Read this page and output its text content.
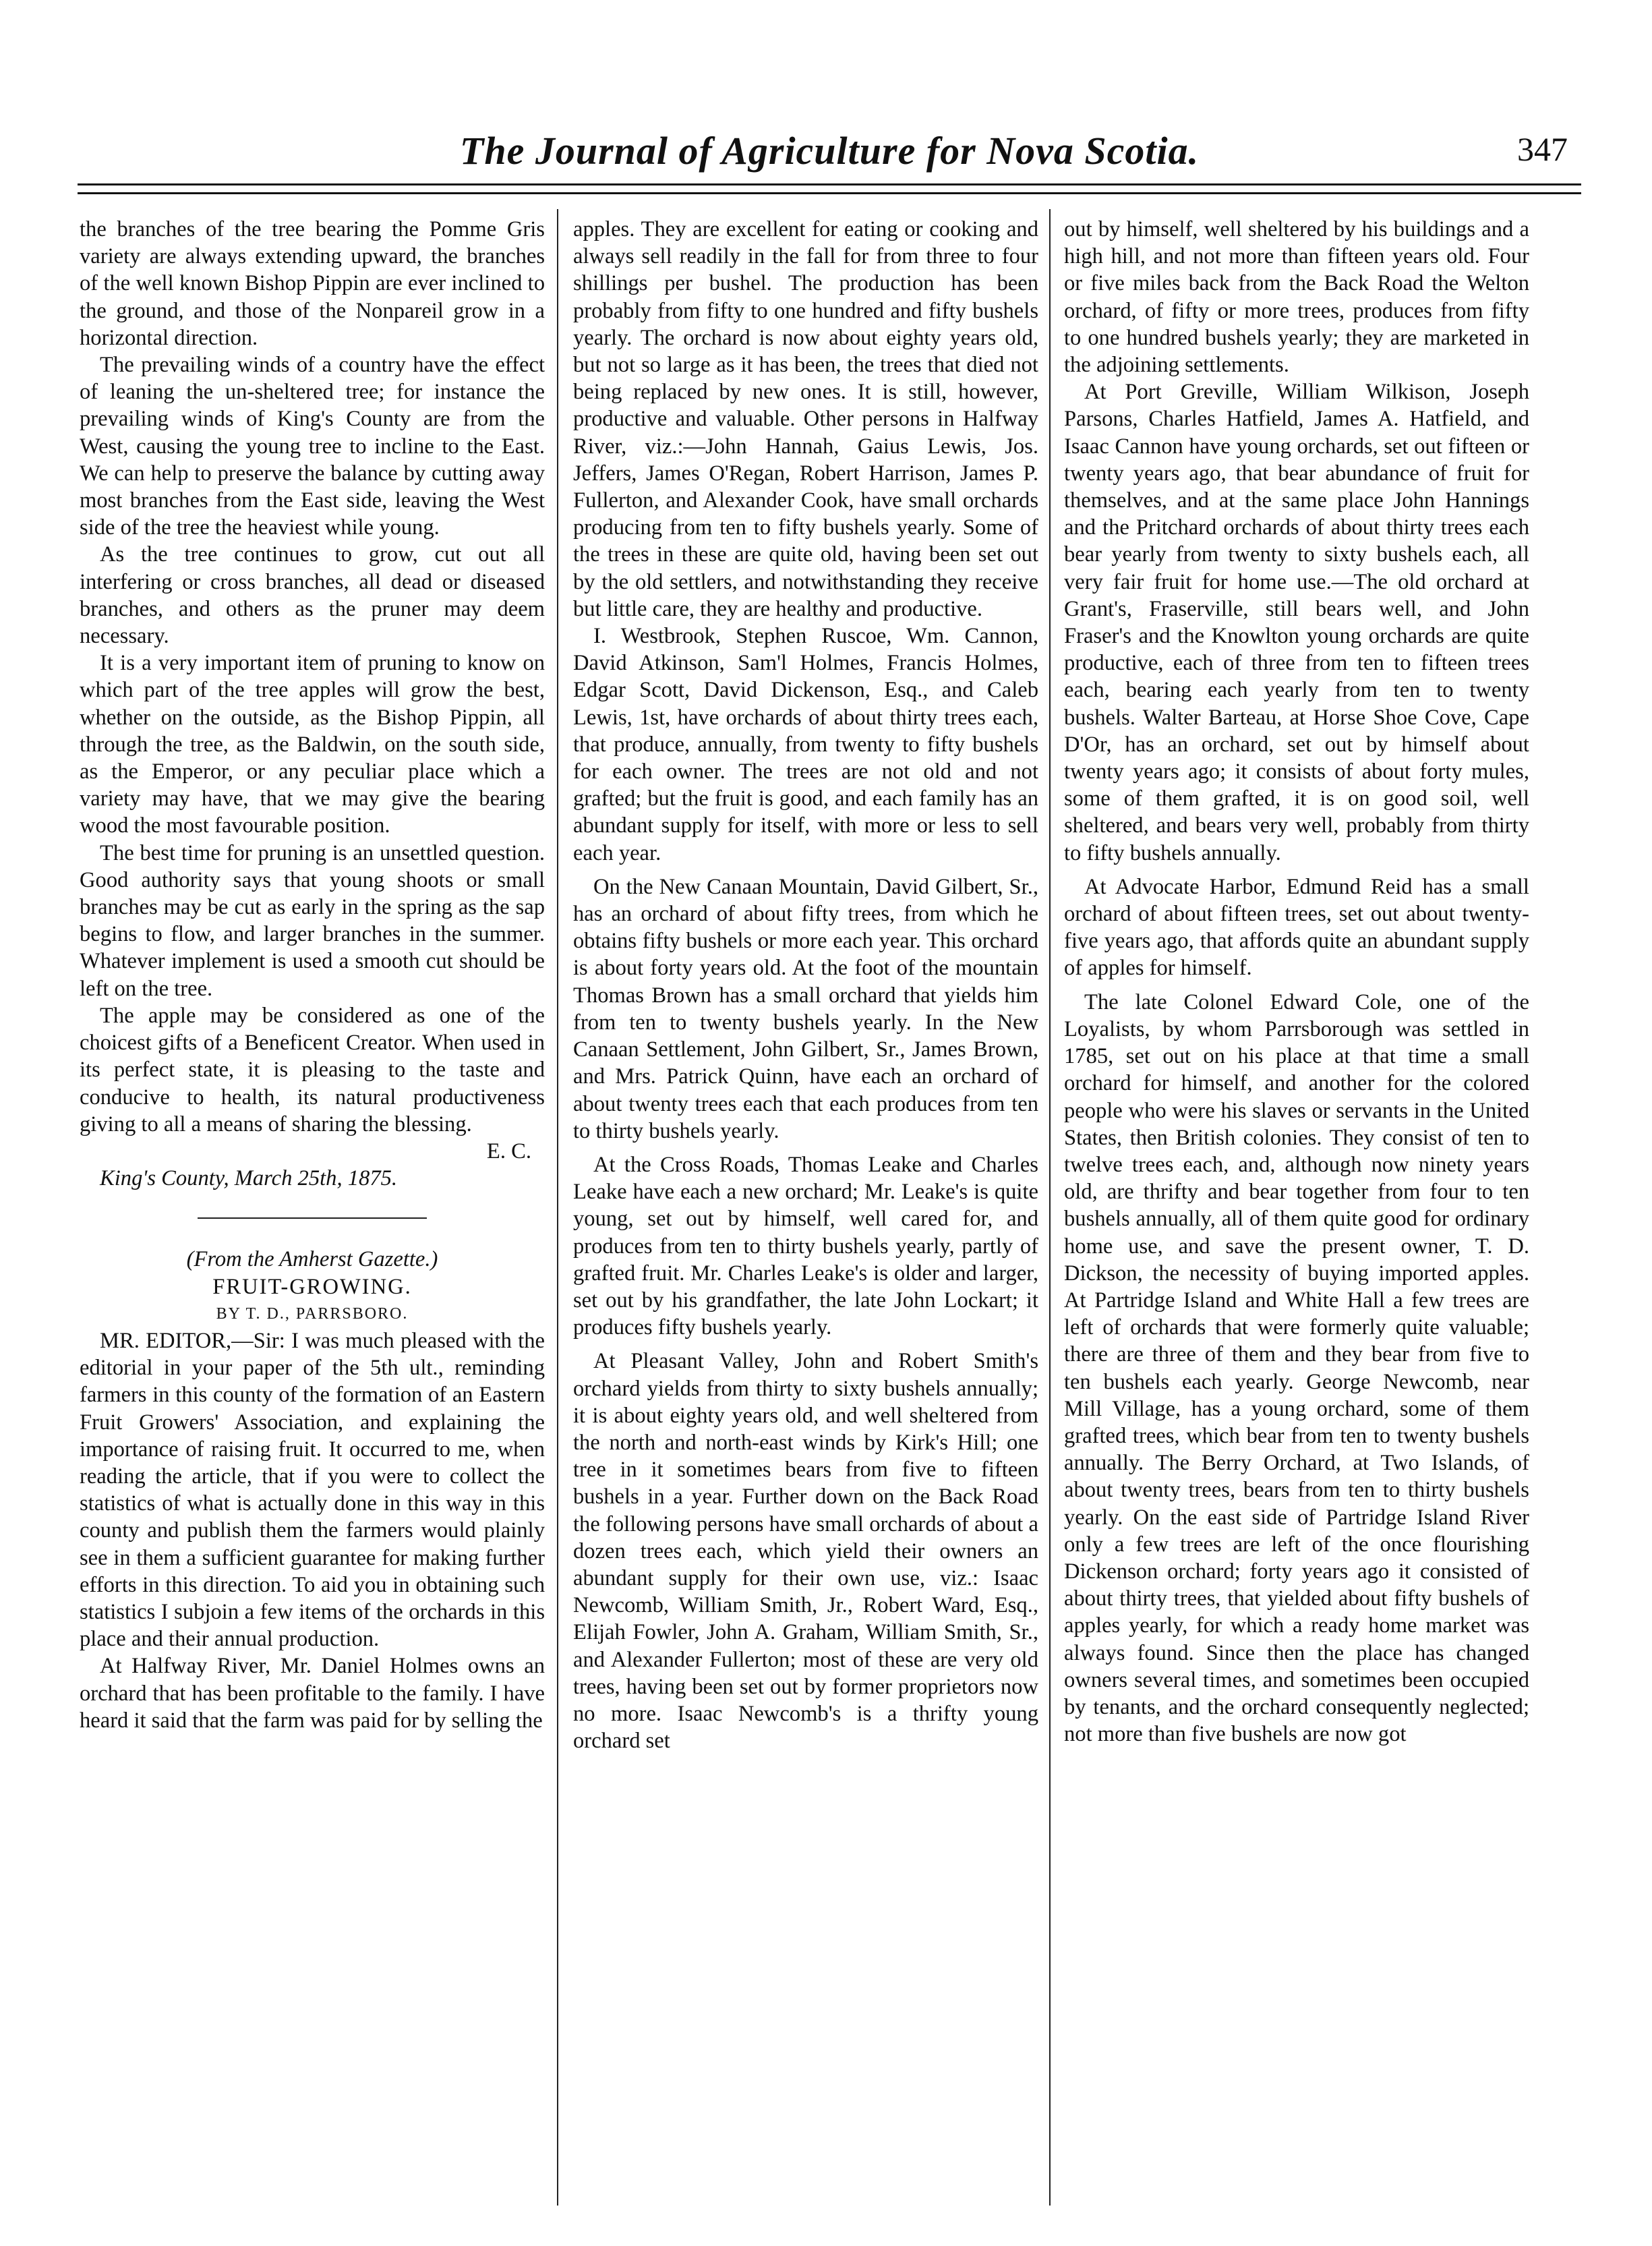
The Journal of Agriculture for Nova Scotia.	347

the branches of the tree bearing the Pomme Gris variety are always extending upward, the branches of the well known Bishop Pippin are ever inclined to the ground, and those of the Nonpareil grow in a horizontal direction.

The prevailing winds of a country have the effect of leaning the un-sheltered tree; for instance the prevailing winds of King's County are from the West, causing the young tree to incline to the East. We can help to preserve the balance by cutting away most branches from the East side, leaving the West side of the tree the heaviest while young.

As the tree continues to grow, cut out all interfering or cross branches, all dead or diseased branches, and others as the pruner may deem necessary.

It is a very important item of pruning to know on which part of the tree apples will grow the best, whether on the outside, as the Bishop Pippin, all through the tree, as the Baldwin, on the south side, as the Emperor, or any peculiar place which a variety may have, that we may give the bearing wood the most favourable position.

The best time for pruning is an unsettled question. Good authority says that young shoots or small branches may be cut as early in the spring as the sap begins to flow, and larger branches in the summer. Whatever implement is used a smooth cut should be left on the tree.

The apple may be considered as one of the choicest gifts of a Beneficent Creator. When used in its perfect state, it is pleasing to the taste and conducive to health, its natural productiveness giving to all a means of sharing the blessing.

E. C.

King's County, March 25th, 1875.

(From the Amherst Gazette.)

FRUIT-GROWING.

BY T. D., PARRSBORO.

MR. EDITOR,—Sir: I was much pleased with the editorial in your paper of the 5th ult., reminding farmers in this county of the formation of an Eastern Fruit Growers' Association, and explaining the importance of raising fruit. It occurred to me, when reading the article, that if you were to collect the statistics of what is actually done in this way in this county and publish them the farmers would plainly see in them a sufficient guarantee for making further efforts in this direction. To aid you in obtaining such statistics I subjoin a few items of the orchards in this place and their annual production.

At Halfway River, Mr. Daniel Holmes owns an orchard that has been profitable to the family. I have heard it said that the farm was paid for by selling the

apples. They are excellent for eating or cooking and always sell readily in the fall for from three to four shillings per bushel. The production has been probably from fifty to one hundred and fifty bushels yearly. The orchard is now about eighty years old, but not so large as it has been, the trees that died not being replaced by new ones. It is still, however, productive and valuable. Other persons in Halfway River, viz.:—John Hannah, Gaius Lewis, Jos. Jeffers, James O'Regan, Robert Harrison, James P. Fullerton, and Alexander Cook, have small orchards producing from ten to fifty bushels yearly. Some of the trees in these are quite old, having been set out by the old settlers, and notwithstanding they receive but little care, they are healthy and productive.

I. Westbrook, Stephen Ruscoe, Wm. Cannon, David Atkinson, Sam'l Holmes, Francis Holmes, Edgar Scott, David Dickenson, Esq., and Caleb Lewis, 1st, have orchards of about thirty trees each, that produce, annually, from twenty to fifty bushels for each owner. The trees are not old and not grafted; but the fruit is good, and each family has an abundant supply for itself, with more or less to sell each year.

On the New Canaan Mountain, David Gilbert, Sr., has an orchard of about fifty trees, from which he obtains fifty bushels or more each year. This orchard is about forty years old. At the foot of the mountain Thomas Brown has a small orchard that yields him from ten to twenty bushels yearly. In the New Canaan Settlement, John Gilbert, Sr., James Brown, and Mrs. Patrick Quinn, have each an orchard of about twenty trees each that each produces from ten to thirty bushels yearly.

At the Cross Roads, Thomas Leake and Charles Leake have each a new orchard; Mr. Leake's is quite young, set out by himself, well cared for, and produces from ten to thirty bushels yearly, partly of grafted fruit. Mr. Charles Leake's is older and larger, set out by his grandfather, the late John Lockart; it produces fifty bushels yearly.

At Pleasant Valley, John and Robert Smith's orchard yields from thirty to sixty bushels annually; it is about eighty years old, and well sheltered from the north and north-east winds by Kirk's Hill; one tree in it sometimes bears from five to fifteen bushels in a year. Further down on the Back Road the following persons have small orchards of about a dozen trees each, which yield their owners an abundant supply for their own use, viz.: Isaac Newcomb, William Smith, Jr., Robert Ward, Esq., Elijah Fowler, John A. Graham, William Smith, Sr., and Alexander Fullerton; most of these are very old trees, having been set out by former proprietors now no more. Isaac Newcomb's is a thrifty young orchard set

out by himself, well sheltered by his buildings and a high hill, and not more than fifteen years old. Four or five miles back from the Back Road the Welton orchard, of fifty or more trees, produces from fifty to one hundred bushels yearly; they are marketed in the adjoining settlements.

At Port Greville, William Wilkison, Joseph Parsons, Charles Hatfield, James A. Hatfield, and Isaac Cannon have young orchards, set out fifteen or twenty years ago, that bear abundance of fruit for themselves, and at the same place John Hannings and the Pritchard orchards of about thirty trees each bear yearly from twenty to sixty bushels each, all very fair fruit for home use.—The old orchard at Grant's, Fraserville, still bears well, and John Fraser's and the Knowlton young orchards are quite productive, each of three from ten to fifteen trees each, bearing each yearly from ten to twenty bushels. Walter Barteau, at Horse Shoe Cove, Cape D'Or, has an orchard, set out by himself about twenty years ago; it consists of about forty mules, some of them grafted, it is on good soil, well sheltered, and bears very well, probably from thirty to fifty bushels annually.

At Advocate Harbor, Edmund Reid has a small orchard of about fifteen trees, set out about twenty-five years ago, that affords quite an abundant supply of apples for himself.

The late Colonel Edward Cole, one of the Loyalists, by whom Parrsborough was settled in 1785, set out on his place at that time a small orchard for himself, and another for the colored people who were his slaves or servants in the United States, then British colonies. They consist of ten to twelve trees each, and, although now ninety years old, are thrifty and bear together from four to ten bushels annually, all of them quite good for ordinary home use, and save the present owner, T. D. Dickson, the necessity of buying imported apples. At Partridge Island and White Hall a few trees are left of orchards that were formerly quite valuable; there are three of them and they bear from five to ten bushels each yearly. George Newcomb, near Mill Village, has a young orchard, some of them grafted trees, which bear from ten to twenty bushels annually. The Berry Orchard, at Two Islands, of about twenty trees, bears from ten to thirty bushels yearly. On the east side of Partridge Island River only a few trees are left of the once flourishing Dickenson orchard; forty years ago it consisted of about thirty trees, that yielded about fifty bushels of apples yearly, for which a ready home market was always found. Since then the place has changed owners several times, and sometimes been occupied by tenants, and the orchard consequently neglected; not more than five bushels are now got
